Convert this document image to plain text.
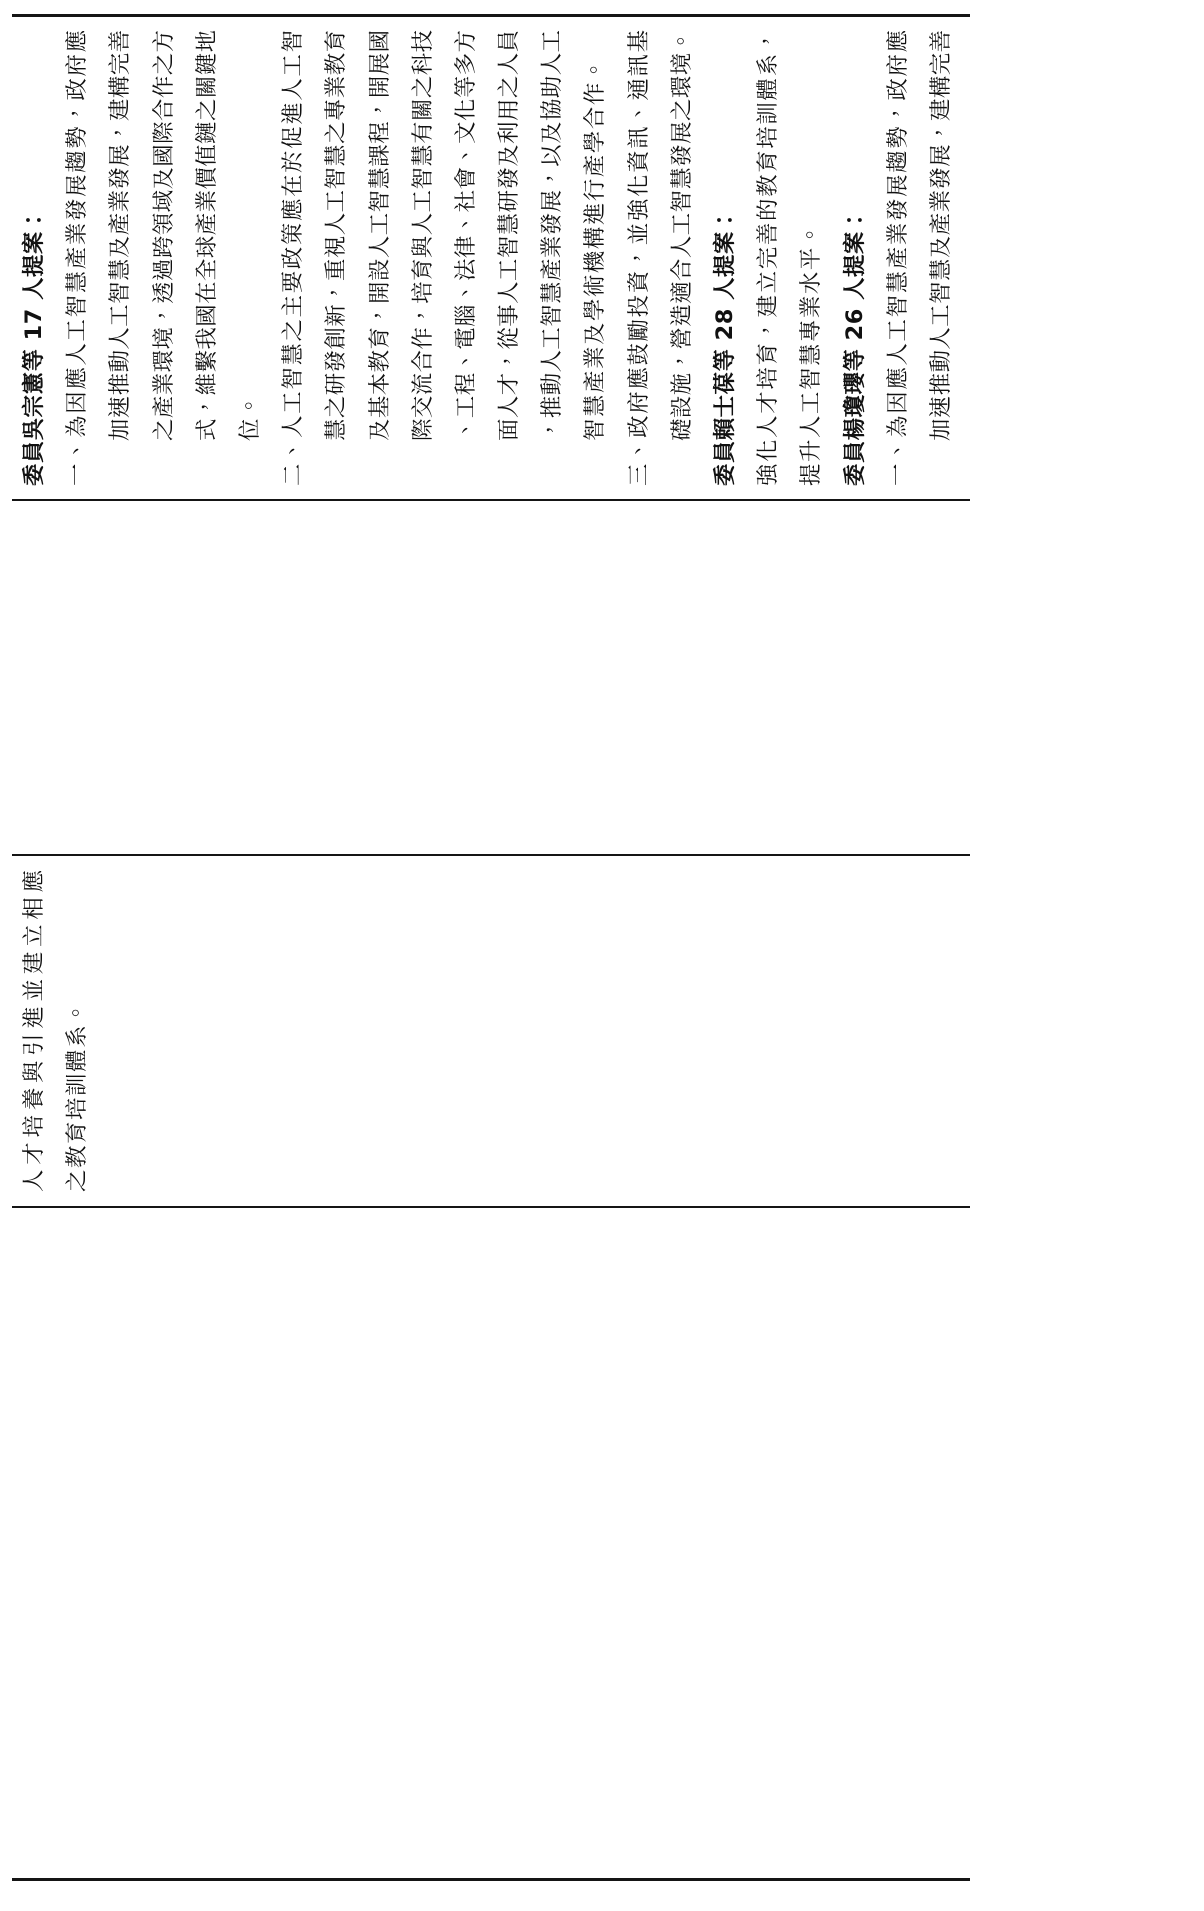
人才培養與引進並建立相應 之教育培訓體系。
委員吳宗憲等 17 人提案： 一、為因應人工智慧產業發展趨勢，政府應 加速推動人工智慧及產業發展，建構完善 之產業環境，透過跨領域及國際合作之方 式，維繫我國在全球產業價值鏈之關鍵地 位。 二、人工智慧之主要政策應在於促進人工智 慧之研發創新，重視人工智慧之專業教育 及基本教育，開設人工智慧課程，開展國 際交流合作，培育與人工智慧有關之科技 、工程、電腦、法律、社會、文化等多方 面人才，從事人工智慧研發及利用之人員 ，推動人工智慧產業發展，以及協助人工 智慧產業及學術機構進行產學合作。 三、政府應鼓勵投資，並強化資訊、通訊基 礎設施，營造適合人工智慧發展之環境。 委員賴士葆等 28 人提案： 強化人才培育，建立完善的教育培訓體系， 提升人工智慧專業水平。 委員楊瓊瓔等 26 人提案： 一、為因應人工智慧產業發展趨勢，政府應 加速推動人工智慧及產業發展，建構完善
